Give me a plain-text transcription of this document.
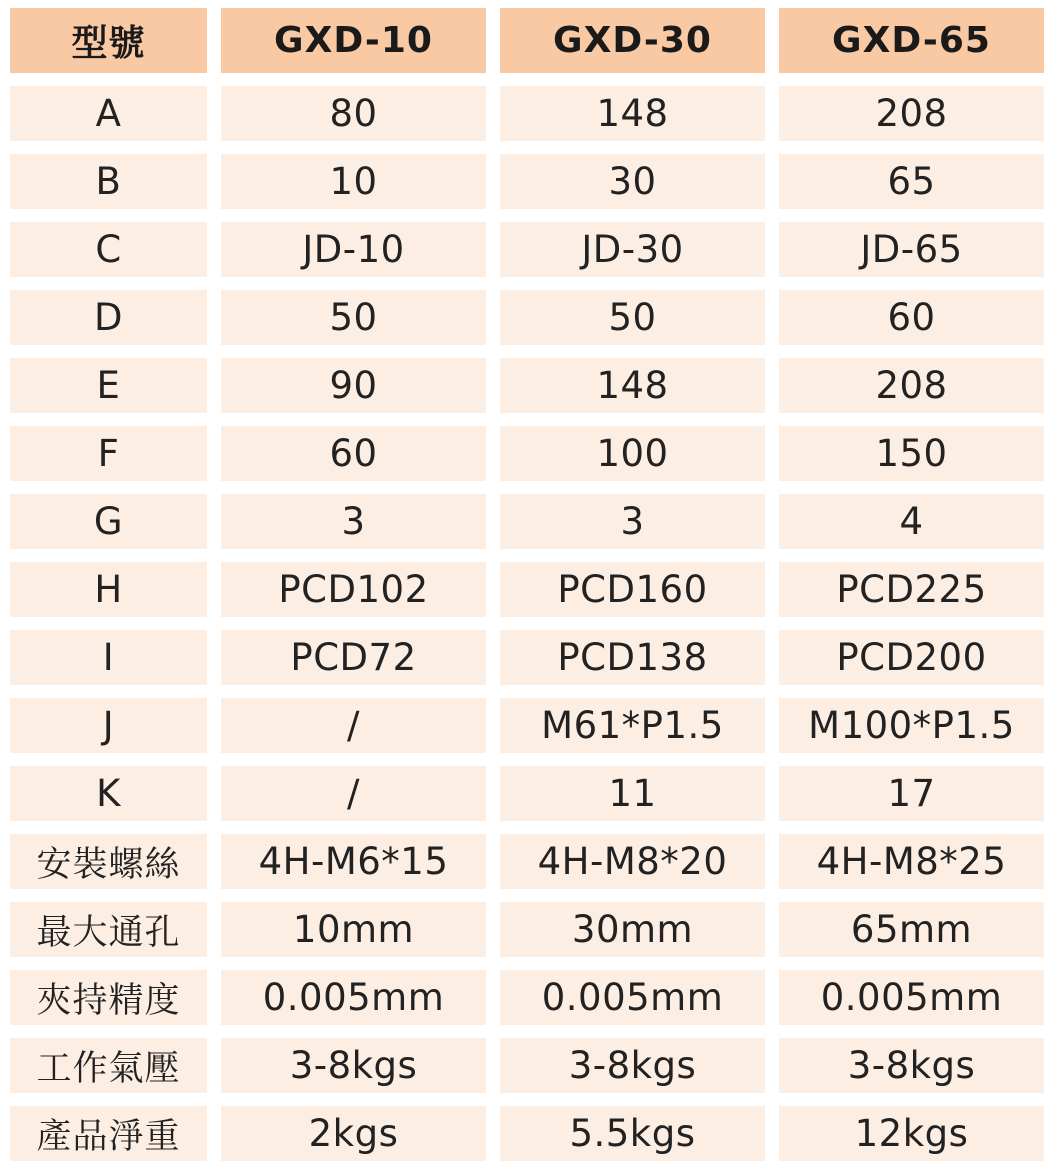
型號	GXD-10	GXD-30	GXD-65
A	80	148	208
B	10	30	65
C	JD-10	JD-30	JD-65
D	50	50	60
E	90	148	208
F	60	100	150
G	3	3	4
H	PCD102	PCD160	PCD225
I	PCD72	PCD138	PCD200
J	/	M61*P1.5	M100*P1.5
K	/	11	17
安裝螺絲	4H-M6*15	4H-M8*20	4H-M8*25
最大通孔	10mm	30mm	65mm
夾持精度	0.005mm	0.005mm	0.005mm
工作氣壓	3-8kgs	3-8kgs	3-8kgs
產品淨重	2kgs	5.5kgs	12kgs
